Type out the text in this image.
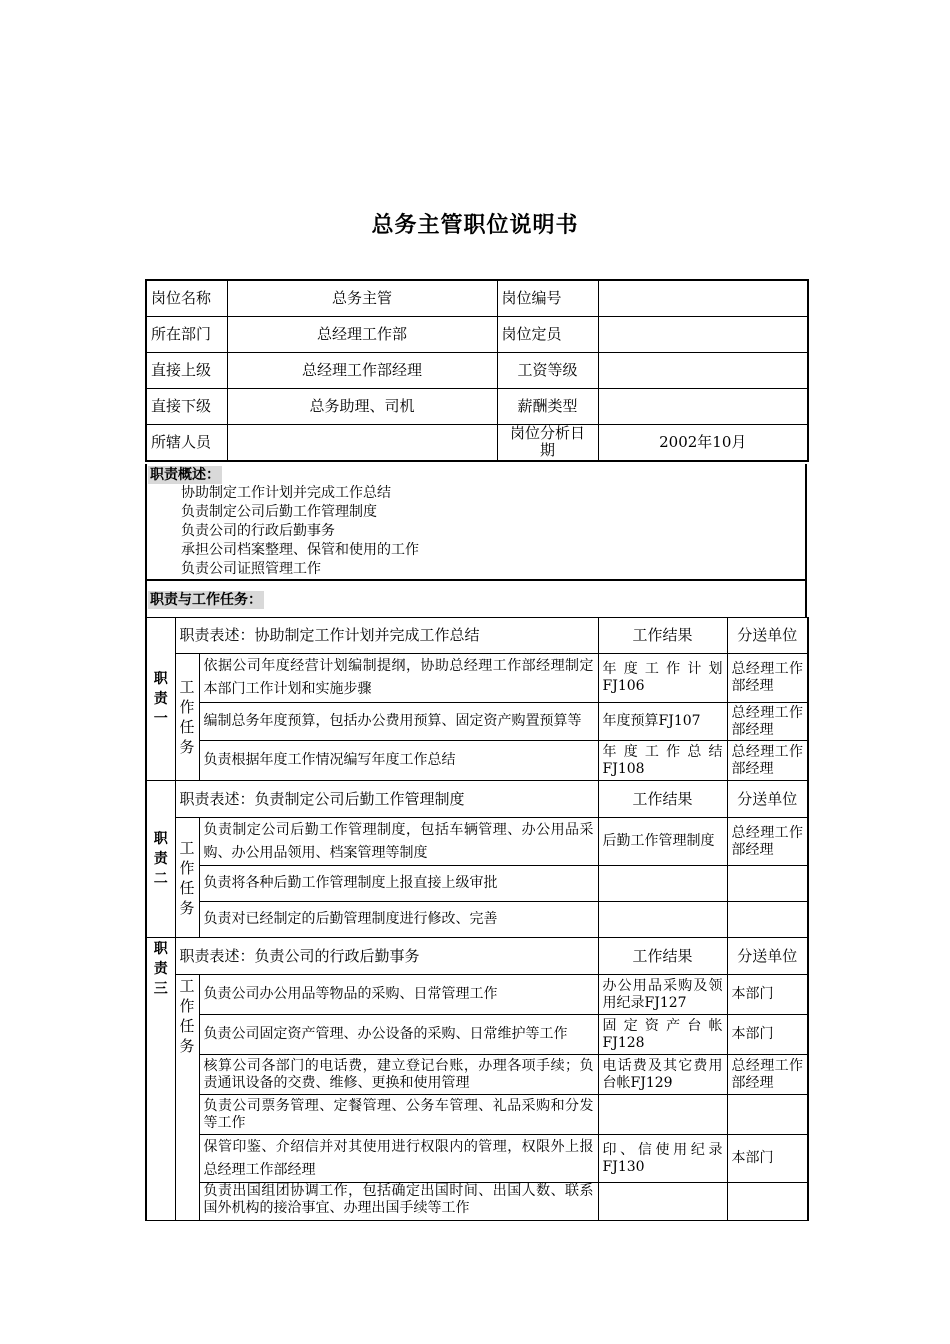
总务主管职位说明书
岗位名称	总务主管	岗位编号	
所在部门	总经理工作部	岗位定员	
直接上级	总经理工作部经理	工资等级	
直接下级	总务助理、司机	薪酬类型	
所辖人员		岗位分析日期	2002年10月
职责概述：
协助制定工作计划并完成工作总结
负责制定公司后勤工作管理制度
负责公司的行政后勤事务
承担公司档案整理、保管和使用的工作
负责公司证照管理工作
职责与工作任务：
职责一	职责表述：协助制定工作计划并完成工作总结		工作结果	分送单位
	工作任务	依据公司年度经营计划编制提纲，协助总经理工作部经理制定本部门工作计划和实施步骤	年度工作计划FJ106	总经理工作部经理
		编制总务年度预算，包括办公费用预算、固定资产购置预算等	年度预算FJ107	总经理工作部经理
		负责根据年度工作情况编写年度工作总结	年度工作总结FJ108	总经理工作部经理
职责二	职责表述：负责制定公司后勤工作管理制度		工作结果	分送单位
	工作任务	负责制定公司后勤工作管理制度，包括车辆管理、办公用品采购、办公用品领用、档案管理等制度	后勤工作管理制度	总经理工作部经理
		负责将各种后勤工作管理制度上报直接上级审批		
		负责对已经制定的后勤管理制度进行修改、完善		
职责三	职责表述：负责公司的行政后勤事务		工作结果	分送单位
	工作任务	负责公司办公用品等物品的采购、日常管理工作	办公用品采购及领用纪录FJ127	本部门
		负责公司固定资产管理、办公设备的采购、日常维护等工作	固定资产台帐FJ128	本部门
		核算公司各部门的电话费，建立登记台账，办理各项手续；负责通讯设备的交费、维修、更换和使用管理	电话费及其它费用台帐FJ129	总经理工作部经理
		负责公司票务管理、定餐管理、公务车管理、礼品采购和分发等工作		
		保管印鉴、介绍信并对其使用进行权限内的管理，权限外上报总经理工作部经理	印、信使用纪录FJ130	本部门
		负责出国组团协调工作，包括确定出国时间、出国人数、联系国外机构的接洽事宜、办理出国手续等工作		
